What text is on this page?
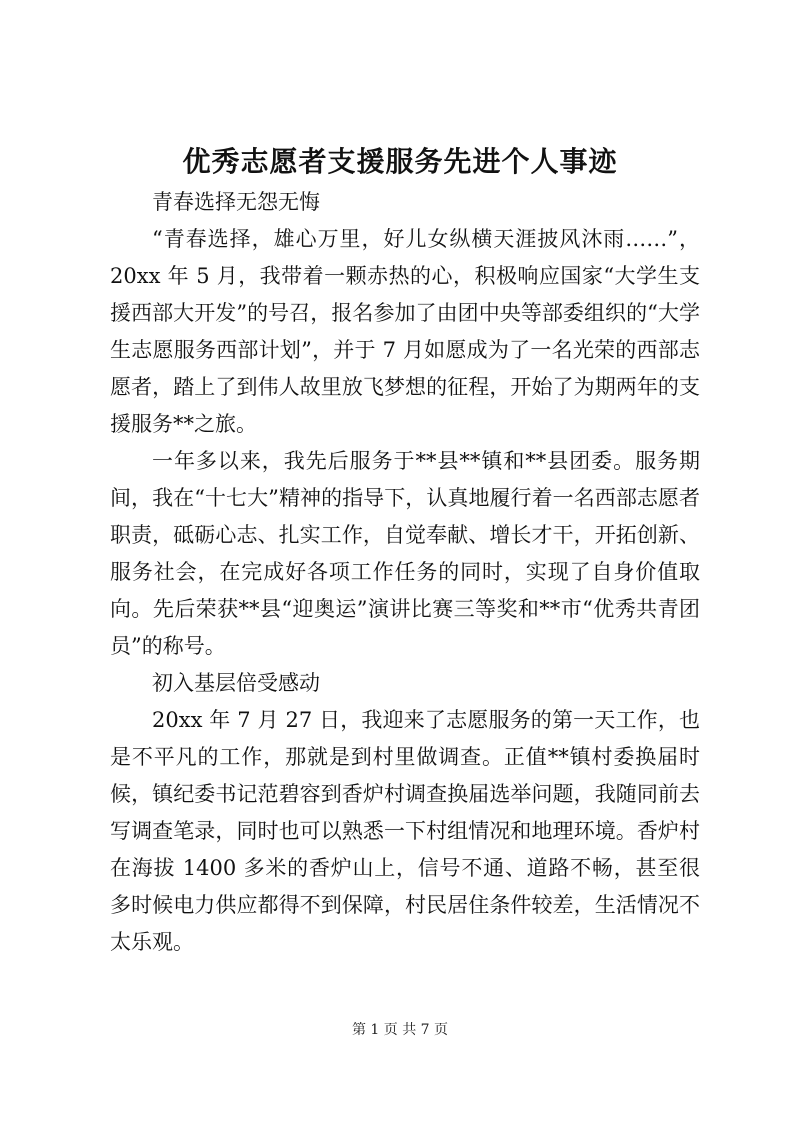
优秀志愿者支援服务先进个人事迹

青春选择无怨无悔

“青春选择，雄心万里，好儿女纵横天涯披风沐雨……”，20xx 年 5 月，我带着一颗赤热的心，积极响应国家“大学生支援西部大开发”的号召，报名参加了由团中央等部委组织的“大学生志愿服务西部计划”，并于 7 月如愿成为了一名光荣的西部志愿者，踏上了到伟人故里放飞梦想的征程，开始了为期两年的支援服务**之旅。

一年多以来，我先后服务于**县**镇和**县团委。服务期间，我在“十七大”精神的指导下，认真地履行着一名西部志愿者职责，砥砺心志、扎实工作，自觉奉献、增长才干，开拓创新、服务社会，在完成好各项工作任务的同时，实现了自身价值取向。先后荣获**县“迎奥运”演讲比赛三等奖和**市“优秀共青团员”的称号。

初入基层倍受感动

20xx 年 7 月 27 日，我迎来了志愿服务的第一天工作，也是不平凡的工作，那就是到村里做调查。正值**镇村委换届时候，镇纪委书记范碧容到香炉村调查换届选举问题，我随同前去写调查笔录，同时也可以熟悉一下村组情况和地理环境。香炉村在海拔 1400 多米的香炉山上，信号不通、道路不畅，甚至很多时候电力供应都得不到保障，村民居住条件较差，生活情况不太乐观。

第 1 页 共 7 页
